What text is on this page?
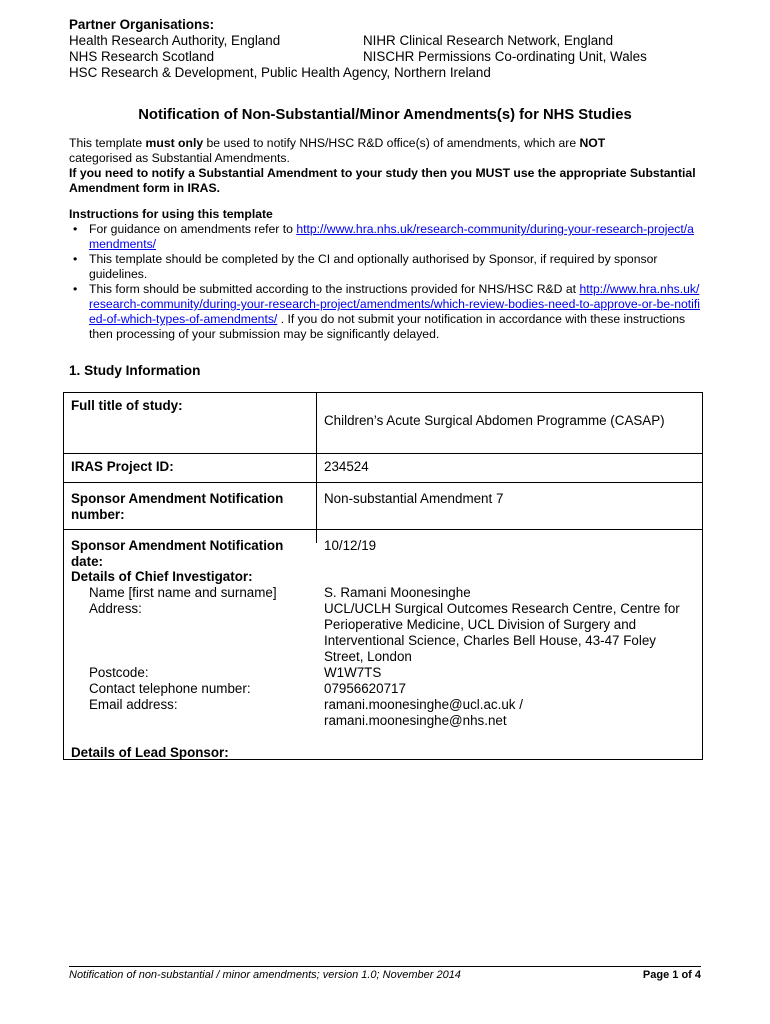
Partner Organisations:
Health Research Authority, England	NIHR Clinical Research Network, England
NHS Research Scotland	NISCHR Permissions Co-ordinating Unit, Wales
HSC Research & Development, Public Health Agency, Northern Ireland
Notification of Non-Substantial/Minor Amendments(s) for NHS Studies
This template must only be used to notify NHS/HSC R&D office(s) of amendments, which are NOT
categorised as Substantial Amendments.
If you need to notify a Substantial Amendment to your study then you MUST use the appropriate Substantial Amendment form in IRAS.
Instructions for using this template
• For guidance on amendments refer to http://www.hra.nhs.uk/research-community/during-your-research-project/amendments/
• This template should be completed by the CI and optionally authorised by Sponsor, if required by sponsor guidelines.
• This form should be submitted according to the instructions provided for NHS/HSC R&D at http://www.hra.nhs.uk/research-community/during-your-research-project/amendments/which-review-bodies-need-to-approve-or-be-notified-of-which-types-of-amendments/ . If you do not submit your notification in accordance with these instructions then processing of your submission may be significantly delayed.
1. Study Information
Full title of study:
Children’s Acute Surgical Abdomen Programme (CASAP)
IRAS Project ID:	234524
Sponsor Amendment Notification number:
Non-substantial Amendment 7
Sponsor Amendment Notification date:
10/12/19
Details of Chief Investigator:
Name [first name and surname]	S. Ramani Moonesinghe
Address:	UCL/UCLH Surgical Outcomes Research Centre, Centre for Perioperative Medicine, UCL Division of Surgery and Interventional Science, Charles Bell House, 43-47 Foley Street, London
Postcode:	W1W7TS
Contact telephone number:	07956620717
Email address:	ramani.moonesinghe@ucl.ac.uk / ramani.moonesinghe@nhs.net
Details of Lead Sponsor:
Notification of non-substantial / minor amendments; version 1.0; November 2014	Page 1 of 4
